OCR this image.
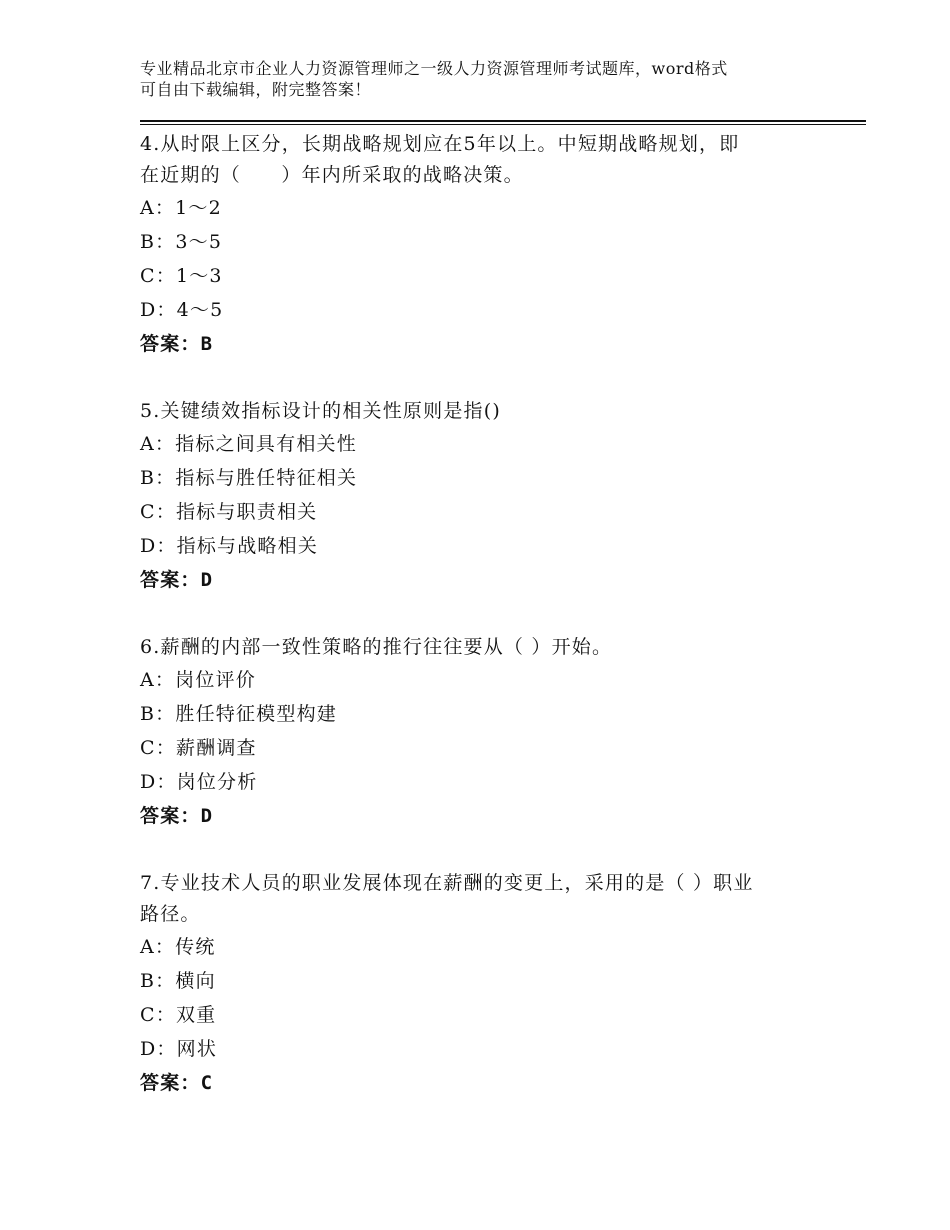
专业精品北京市企业人力资源管理师之一级人力资源管理师考试题库，word格式
可自由下载编辑，附完整答案！
4.从时限上区分，长期战略规划应在5年以上。中短期战略规划，即
在近期的（　　）年内所采取的战略决策。
A：1～2
B：3～5
C：1～3
D：4～5
答案：B
5.关键绩效指标设计的相关性原则是指()
A：指标之间具有相关性
B：指标与胜任特征相关
C：指标与职责相关
D：指标与战略相关
答案：D
6.薪酬的内部一致性策略的推行往往要从（ ）开始。
A：岗位评价
B：胜任特征模型构建
C：薪酬调查
D：岗位分析
答案：D
7.专业技术人员的职业发展体现在薪酬的变更上，采用的是（ ）职业
路径。
A：传统
B：横向
C：双重
D：网状
答案：C
